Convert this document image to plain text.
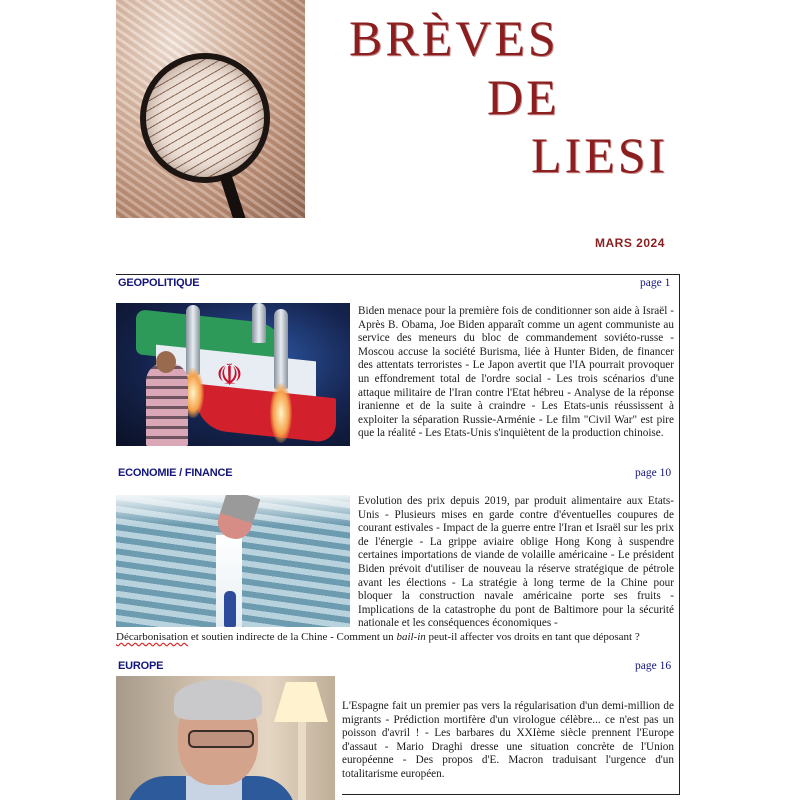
BRÈVES
DE
LIESI
MARS 2024
GEOPOLITIQUE	page 1
☫
Biden menace pour la première fois de conditionner son aide à Israël - Après B. Obama, Joe Biden apparaît comme un agent communiste au service des meneurs du bloc de commandement soviéto-russe - Moscou accuse la société Burisma, liée à Hunter Biden, de financer des attentats terroristes - Le Japon avertit que l'IA pourrait provoquer un effondrement total de l'ordre social - Les trois scénarios d'une attaque militaire de l'Iran contre l'Etat hébreu - Analyse de la réponse iranienne et de la suite à craindre - Les Etats-unis réussissent à exploiter la séparation Russie-Arménie - Le film "Civil War" est pire que la réalité - Les Etats-Unis s'inquiètent de la production chinoise.
ECONOMIE / FINANCE	page 10
Evolution des prix depuis 2019, par produit alimentaire aux Etats-Unis - Plusieurs mises en garde contre d'éventuelles coupures de courant estivales - Impact de la guerre entre l'Iran et Israël sur les prix de l'énergie - La grippe aviaire oblige Hong Kong à suspendre certaines importations de viande de volaille américaine - Le président Biden prévoit d'utiliser de nouveau la réserve stratégique de pétrole avant les élections - La stratégie à long terme de la Chine pour bloquer la construction navale américaine porte ses fruits - Implications de la catastrophe du pont de Baltimore pour la sécurité nationale et les conséquences économiques -
Décarbonisation et soutien indirecte de la Chine - Comment un bail-in peut-il affecter vos droits en tant que déposant ?
EUROPE	page 16
L'Espagne fait un premier pas vers la régularisation d'un demi-million de migrants - Prédiction mortifère d'un virologue célèbre... ce n'est pas un poisson d'avril ! - Les barbares du XXIème siècle prennent l'Europe d'assaut - Mario Draghi dresse une situation concrète de l'Union européenne - Des propos d'E. Macron traduisant l'urgence d'un totalitarisme européen.
